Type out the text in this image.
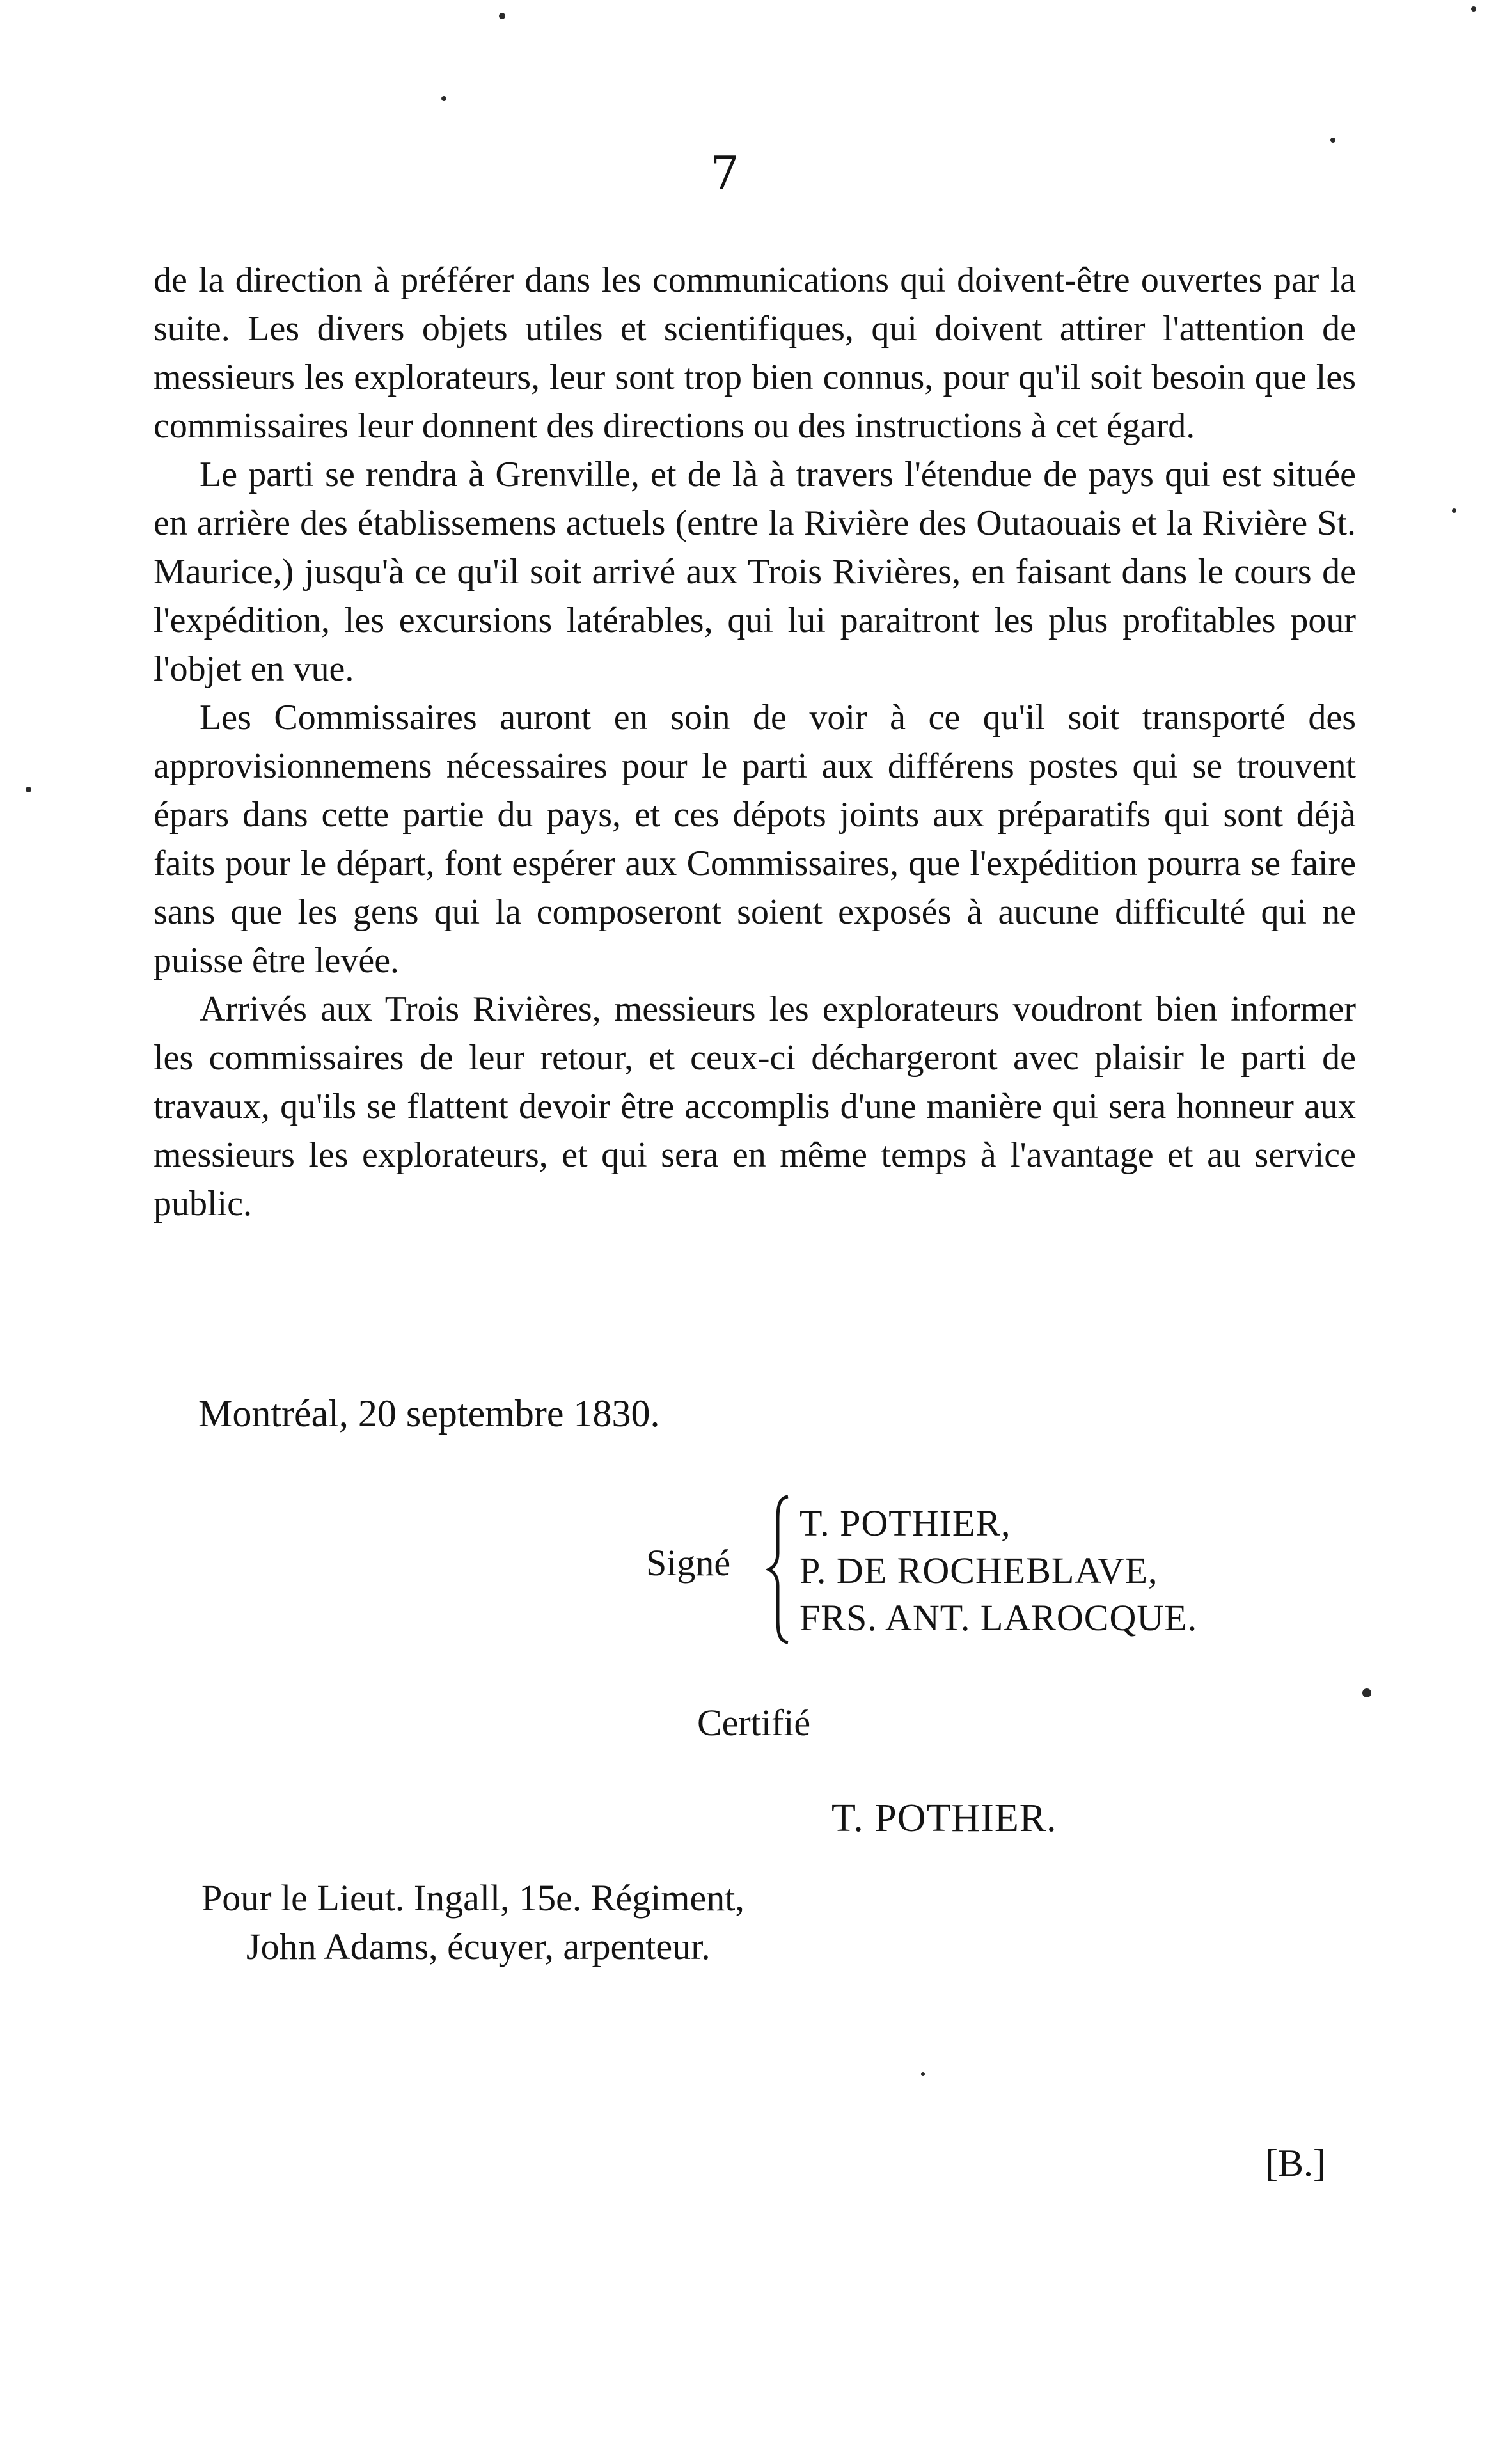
7

de la direction à préférer dans les communications qui doivent-être ouvertes par la suite. Les divers objets utiles et scientifiques, qui doivent attirer l'attention de messieurs les explorateurs, leur sont trop bien connus, pour qu'il soit besoin que les commissaires leur donnent des directions ou des instructions à cet égard.

Le parti se rendra à Grenville, et de là à travers l'étendue de pays qui est située en arrière des établissemens actuels (entre la Rivière des Outaouais et la Rivière St. Maurice,) jusqu'à ce qu'il soit arrivé aux Trois Rivières, en faisant dans le cours de l'expédition, les excursions latérables, qui lui paraitront les plus profitables pour l'objet en vue.

Les Commissaires auront en soin de voir à ce qu'il soit transporté des approvisionnemens nécessaires pour le parti aux différens postes qui se trouvent épars dans cette partie du pays, et ces dépots joints aux préparatifs qui sont déjà faits pour le départ, font espérer aux Commissaires, que l'expédition pourra se faire sans que les gens qui la composeront soient exposés à aucune difficulté qui ne puisse être levée.

Arrivés aux Trois Rivières, messieurs les explorateurs voudront bien informer les commissaires de leur retour, et ceux-ci déchargeront avec plaisir le parti de travaux, qu'ils se flattent devoir être accomplis d'une manière qui sera honneur aux messieurs les explorateurs, et qui sera en même temps à l'avantage et au service public.

Montréal, 20 septembre 1830.
Signé
T. POTHIER,
P. DE ROCHEBLAVE,
FRS. ANT. LAROCQUE.
Certifié
T. POTHIER.
Pour le Lieut. Ingall, 15e. Régiment,
John Adams, écuyer, arpenteur.
[B.]
